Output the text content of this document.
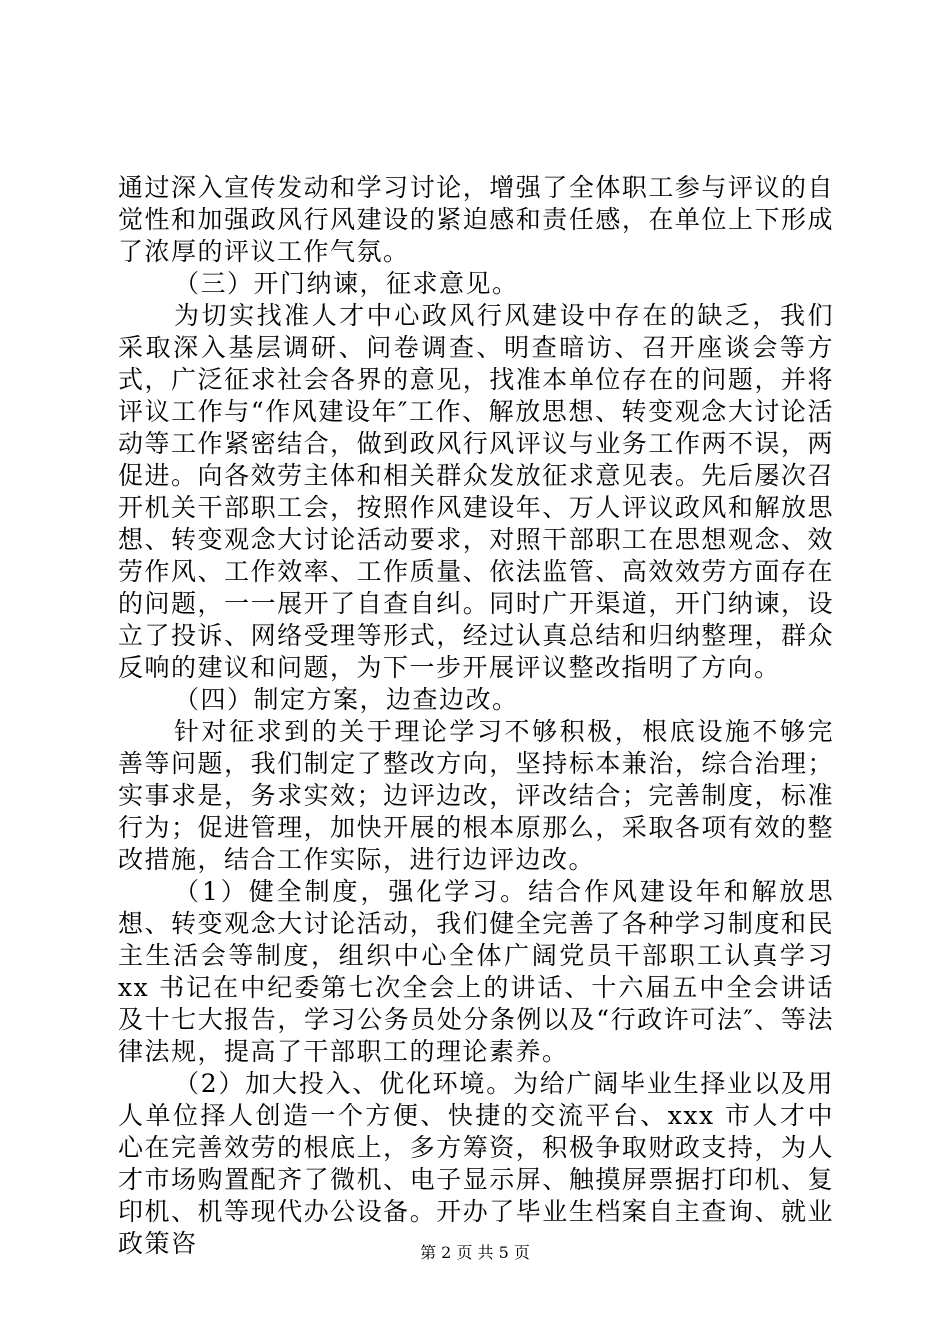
通过深入宣传发动和学习讨论，增强了全体职工参与评议的自觉性和加强政风行风建设的紧迫感和责任感，在单位上下形成了浓厚的评议工作气氛。

（三）开门纳谏，征求意见。

为切实找准人才中心政风行风建设中存在的缺乏，我们采取深入基层调研、问卷调查、明查暗访、召开座谈会等方式，广泛征求社会各界的意见，找准本单位存在的问题，并将评议工作与“作风建设年″工作、解放思想、转变观念大讨论活动等工作紧密结合，做到政风行风评议与业务工作两不误，两促进。向各效劳主体和相关群众发放征求意见表。先后屡次召开机关干部职工会，按照作风建设年、万人评议政风和解放思想、转变观念大讨论活动要求，对照干部职工在思想观念、效劳作风、工作效率、工作质量、依法监管、高效效劳方面存在的问题，一一展开了自查自纠。同时广开渠道，开门纳谏，设立了投诉、网络受理等形式，经过认真总结和归纳整理，群众反响的建议和问题，为下一步开展评议整改指明了方向。

（四）制定方案，边查边改。

针对征求到的关于理论学习不够积极，根底设施不够完善等问题，我们制定了整改方向，坚持标本兼治，综合治理；实事求是，务求实效；边评边改，评改结合；完善制度，标准行为；促进管理，加快开展的根本原那么，采取各项有效的整改措施，结合工作实际，进行边评边改。

（1）健全制度，强化学习。结合作风建设年和解放思想、转变观念大讨论活动，我们健全完善了各种学习制度和民主生活会等制度，组织中心全体广阔党员干部职工认真学习 xx 书记在中纪委第七次全会上的讲话、十六届五中全会讲话及十七大报告，学习公务员处分条例以及“行政许可法″、等法律法规，提高了干部职工的理论素养。

（2）加大投入、优化环境。为给广阔毕业生择业以及用人单位择人创造一个方便、快捷的交流平台、xxx 市人才中心在完善效劳的根底上，多方筹资，积极争取财政支持，为人才市场购置配齐了微机、电子显示屏、触摸屏票据打印机、复印机、机等现代办公设备。开办了毕业生档案自主查询、就业政策咨	第 2 页 共 5 页
